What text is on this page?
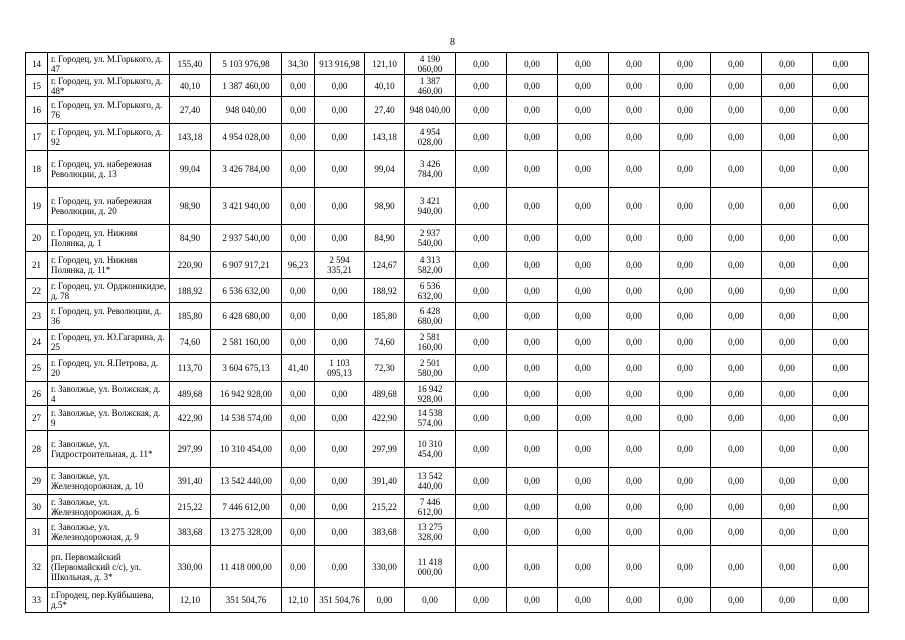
8
14	г. Городец, ул. М.Горького, д. 47	155,40	5 103 976,98	34,30	913 916,98	121,10	4 190 060,00	0,00	0,00	0,00	0,00	0,00	0,00	0,00	0,00
15	г. Городец, ул. М.Горького, д. 48*	40,10	1 387 460,00	0,00	0,00	40,10	1 387 460,00	0,00	0,00	0,00	0,00	0,00	0,00	0,00	0,00
16	г. Городец, ул. М.Горького, д. 76	27,40	948 040,00	0,00	0,00	27,40	948 040,00	0,00	0,00	0,00	0,00	0,00	0,00	0,00	0,00
17	г. Городец, ул. М.Горького, д. 92	143,18	4 954 028,00	0,00	0,00	143,18	4 954 028,00	0,00	0,00	0,00	0,00	0,00	0,00	0,00	0,00
18	г. Городец, ул. набережная Революции, д. 13	99,04	3 426 784,00	0,00	0,00	99,04	3 426 784,00	0,00	0,00	0,00	0,00	0,00	0,00	0,00	0,00
19	г. Городец, ул. набережная Революции, д. 20	98,90	3 421 940,00	0,00	0,00	98,90	3 421 940,00	0,00	0,00	0,00	0,00	0,00	0,00	0,00	0,00
20	г. Городец, ул. Нижняя Полянка, д. 1	84,90	2 937 540,00	0,00	0,00	84,90	2 937 540,00	0,00	0,00	0,00	0,00	0,00	0,00	0,00	0,00
21	г. Городец, ул. Нижняя Полянка, д. 11*	220,90	6 907 917,21	96,23	2 594 335,21	124,67	4 313 582,00	0,00	0,00	0,00	0,00	0,00	0,00	0,00	0,00
22	г. Городец, ул. Орджоникидзе, д. 78	188,92	6 536 632,00	0,00	0,00	188,92	6 536 632,00	0,00	0,00	0,00	0,00	0,00	0,00	0,00	0,00
23	г. Городец, ул. Революции, д. 36	185,80	6 428 680,00	0,00	0,00	185,80	6 428 680,00	0,00	0,00	0,00	0,00	0,00	0,00	0,00	0,00
24	г. Городец, ул. Ю.Гагарина, д. 25	74,60	2 581 160,00	0,00	0,00	74,60	2 581 160,00	0,00	0,00	0,00	0,00	0,00	0,00	0,00	0,00
25	г. Городец, ул. Я.Петрова, д. 20	113,70	3 604 675,13	41,40	1 103 095,13	72,30	2 501 580,00	0,00	0,00	0,00	0,00	0,00	0,00	0,00	0,00
26	г. Заволжье, ул. Волжская, д. 4	489,68	16 942 928,00	0,00	0,00	489,68	16 942 928,00	0,00	0,00	0,00	0,00	0,00	0,00	0,00	0,00
27	г. Заволжье, ул. Волжская, д. 9	422,90	14 538 574,00	0,00	0,00	422,90	14 538 574,00	0,00	0,00	0,00	0,00	0,00	0,00	0,00	0,00
28	г. Заволжье, ул. Гидростроительная, д. 11*	297,99	10 310 454,00	0,00	0,00	297,99	10 310 454,00	0,00	0,00	0,00	0,00	0,00	0,00	0,00	0,00
29	г. Заволжье, ул. Железнодорожная, д. 10	391,40	13 542 440,00	0,00	0,00	391,40	13 542 440,00	0,00	0,00	0,00	0,00	0,00	0,00	0,00	0,00
30	г. Заволжье, ул. Железнодорожная, д. 6	215,22	7 446 612,00	0,00	0,00	215,22	7 446 612,00	0,00	0,00	0,00	0,00	0,00	0,00	0,00	0,00
31	г. Заволжье, ул. Железнодорожная, д. 9	383,68	13 275 328,00	0,00	0,00	383,68	13 275 328,00	0,00	0,00	0,00	0,00	0,00	0,00	0,00	0,00
32	рп. Первомайский (Первомайский с/с), ул. Школьная, д. 3*	330,00	11 418 000,00	0,00	0,00	330,00	11 418 000,00	0,00	0,00	0,00	0,00	0,00	0,00	0,00	0,00
33	г.Городец, пер.Куйбышева, д.5*	12,10	351 504,76	12,10	351 504,76	0,00	0,00	0,00	0,00	0,00	0,00	0,00	0,00	0,00	0,00
